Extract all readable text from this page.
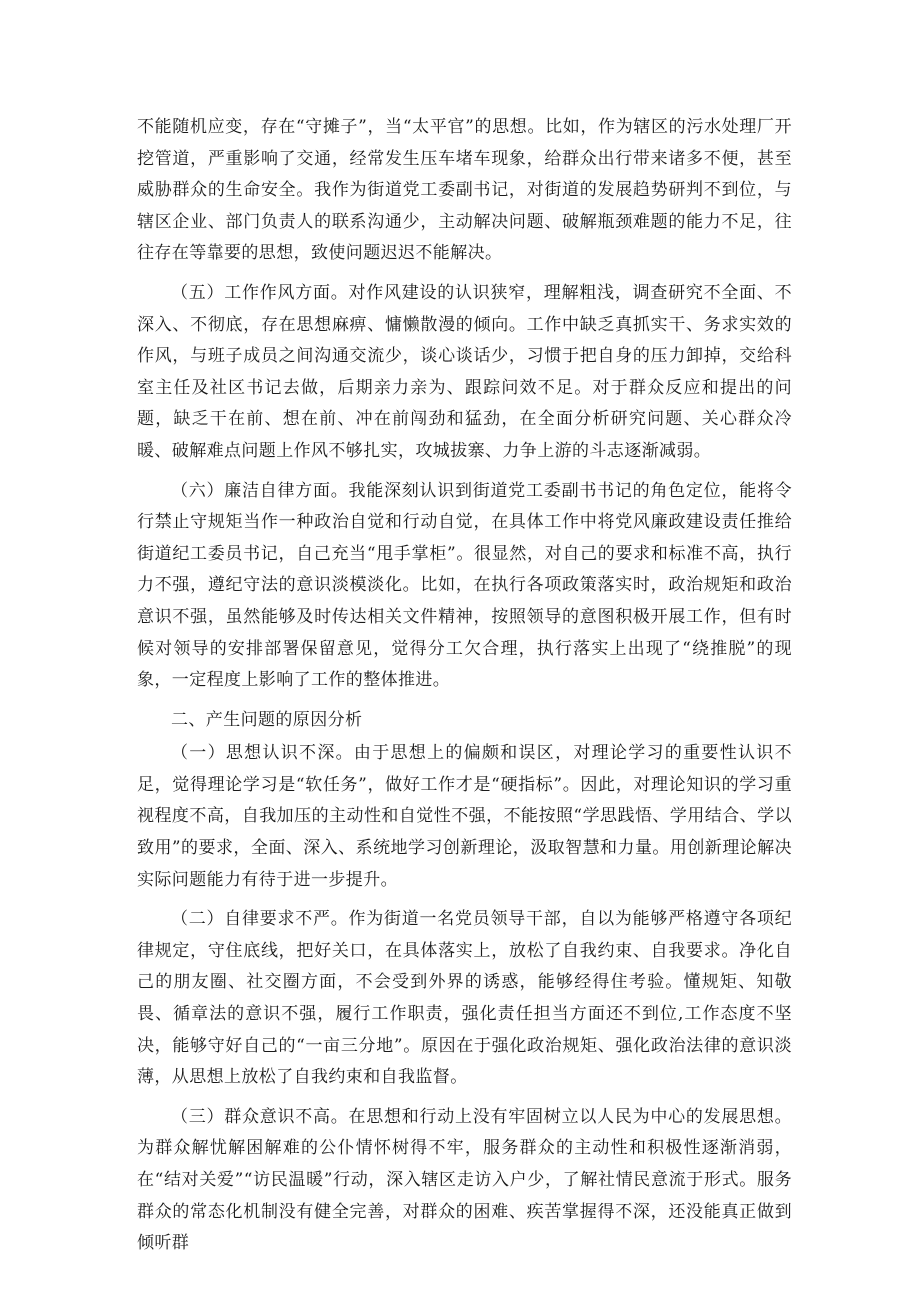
不能随机应变，存在“守摊子”，当“太平官”的思想。比如，作为辖区的污水处理厂开挖管道，严重影响了交通，经常发生压车堵车现象，给群众出行带来诸多不便，甚至威胁群众的生命安全。我作为街道党工委副书记，对街道的发展趋势研判不到位，与辖区企业、部门负责人的联系沟通少，主动解决问题、破解瓶颈难题的能力不足，往往存在等靠要的思想，致使问题迟迟不能解决。

（五）工作作风方面。对作风建设的认识狭窄，理解粗浅，调查研究不全面、不深入、不彻底，存在思想麻痹、慵懒散漫的倾向。工作中缺乏真抓实干、务求实效的作风，与班子成员之间沟通交流少，谈心谈话少，习惯于把自身的压力卸掉，交给科室主任及社区书记去做，后期亲力亲为、跟踪问效不足。对于群众反应和提出的问题，缺乏干在前、想在前、冲在前闯劲和猛劲，在全面分析研究问题、关心群众冷暖、破解难点问题上作风不够扎实，攻城拔寨、力争上游的斗志逐渐减弱。

（六）廉洁自律方面。我能深刻认识到街道党工委副书书记的角色定位，能将令行禁止守规矩当作一种政治自觉和行动自觉，在具体工作中将党风廉政建设责任推给街道纪工委员书记，自己充当“甩手掌柜”。很显然，对自己的要求和标准不高，执行力不强，遵纪守法的意识淡模淡化。比如，在执行各项政策落实时，政治规矩和政治意识不强，虽然能够及时传达相关文件精神，按照领导的意图积极开展工作，但有时候对领导的安排部署保留意见，觉得分工欠合理，执行落实上出现了“绕推脱”的现象，一定程度上影响了工作的整体推进。

二、产生问题的原因分析

（一）思想认识不深。由于思想上的偏颇和误区，对理论学习的重要性认识不足，觉得理论学习是“软任务”，做好工作才是“硬指标”。因此，对理论知识的学习重视程度不高，自我加压的主动性和自觉性不强，不能按照“学思践悟、学用结合、学以致用”的要求，全面、深入、系统地学习创新理论，汲取智慧和力量。用创新理论解决实际问题能力有待于进一步提升。

（二）自律要求不严。作为街道一名党员领导干部，自以为能够严格遵守各项纪律规定，守住底线，把好关口，在具体落实上，放松了自我约束、自我要求。净化自己的朋友圈、社交圈方面，不会受到外界的诱惑，能够经得住考验。懂规矩、知敬畏、循章法的意识不强，履行工作职责，强化责任担当方面还不到位,工作态度不坚决，能够守好自己的“一亩三分地”。原因在于强化政治规矩、强化政治法律的意识淡薄，从思想上放松了自我约束和自我监督。

（三）群众意识不高。在思想和行动上没有牢固树立以人民为中心的发展思想。为群众解忧解困解难的公仆情怀树得不牢，服务群众的主动性和积极性逐渐消弱，在“结对关爱”“访民温暖”行动，深入辖区走访入户少，了解社情民意流于形式。服务群众的常态化机制没有健全完善，对群众的困难、疾苦掌握得不深，还没能真正做到倾听群
